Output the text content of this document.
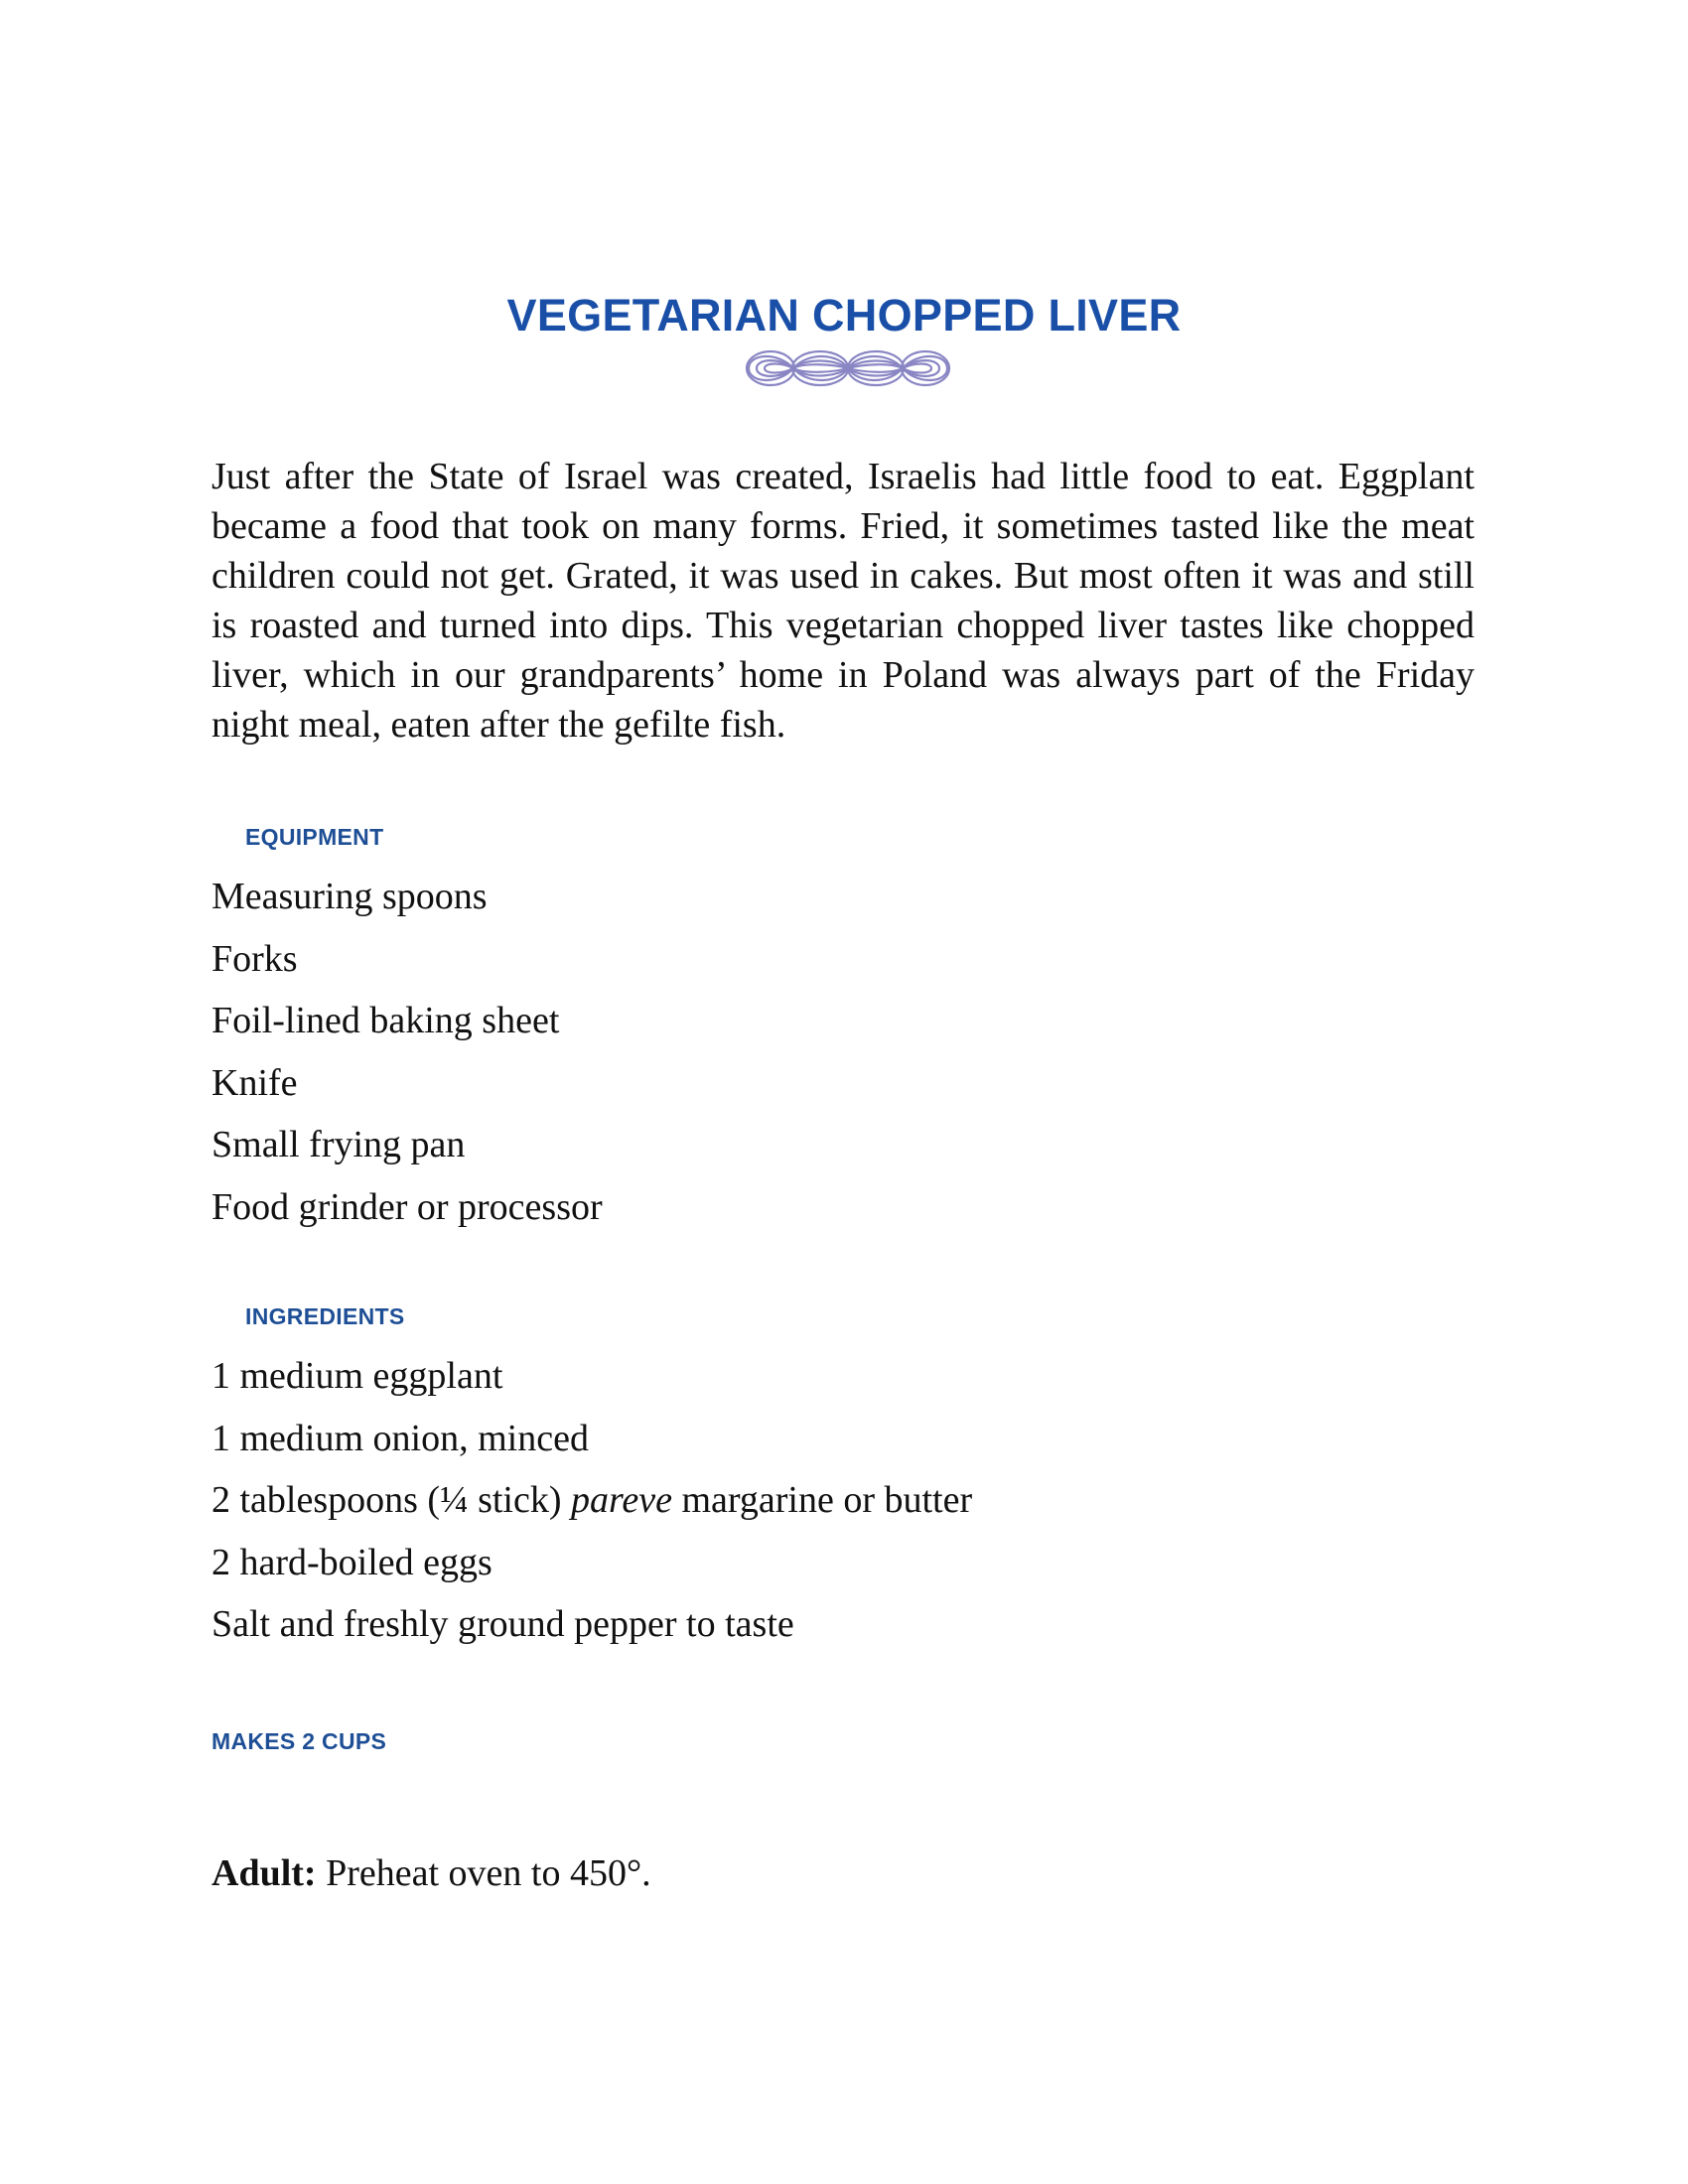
VEGETARIAN CHOPPED LIVER

Just after the State of Israel was created, Israelis had little food to eat. Eggplant became a food that took on many forms. Fried, it sometimes tasted like the meat children could not get. Grated, it was used in cakes. But most often it was and still is roasted and turned into dips. This vegetarian chopped liver tastes like chopped liver, which in our grandparents’ home in Poland was always part of the Friday night meal, eaten after the gefilte fish.

EQUIPMENT
Measuring spoons
Forks
Foil-lined baking sheet
Knife
Small frying pan
Food grinder or processor
INGREDIENTS
1 medium eggplant
1 medium onion, minced
2 tablespoons (¼ stick) pareve margarine or butter
2 hard-boiled eggs
Salt and freshly ground pepper to taste
MAKES 2 CUPS
Adult: Preheat oven to 450°.
